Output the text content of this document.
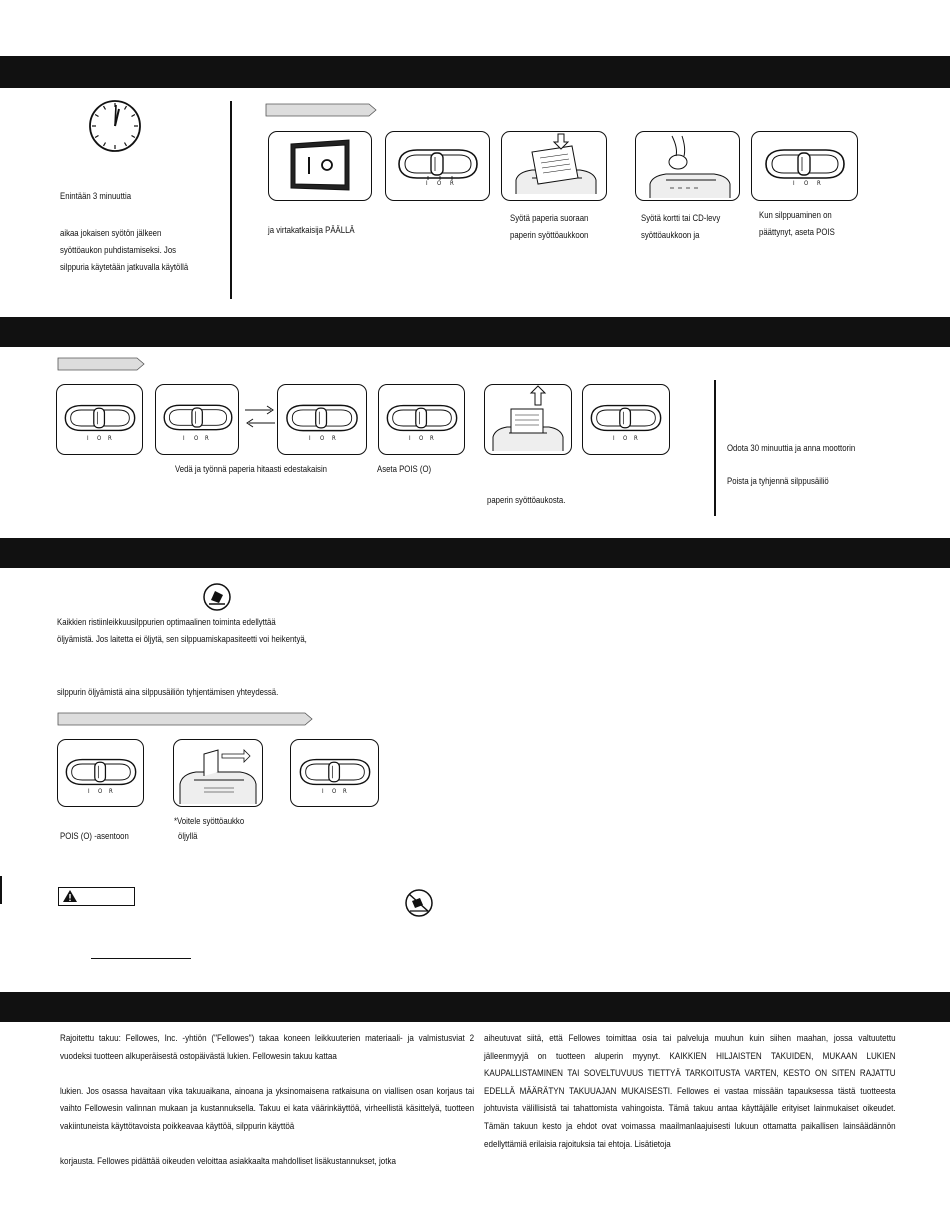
Enintään 3 minuuttia
aikaa jokaisen syötön jälkeen
syöttöaukon puhdistamiseksi. Jos
silppuria käytetään jatkuvalla käytöllä
ja virtakatkaisija PÄÄLLÄ
I O R
Syötä paperia suoraan
paperin syöttöaukkoon
Syötä kortti tai CD-levy
syöttöaukkoon ja
I O R
Kun silppuaminen on
päättynyt, aseta POIS
I O R	I O R	I O R	I O R	I O R
Vedä ja työnnä paperia hitaasti edestakaisin	Aseta POIS (O)
paperin syöttöaukosta.
Odota 30 minuuttia ja anna moottorin
Poista ja tyhjennä silppusäiliö
Kaikkien ristiinleikkuusilppurien optimaalinen toiminta edellyttää
öljyämistä. Jos laitetta ei öljytä, sen silppuamiskapasiteetti voi heikentyä,
silppurin öljyämistä aina silppusäiliön tyhjentämisen yhteydessä.
I O R	I O R
POIS (O) -asentoon
*Voitele syöttöaukko
öljyllä

Rajoitettu takuu: Fellowes, Inc. -yhtiön ("Fellowes") takaa koneen leikkuuterien materiaali- ja valmistusviat 2 vuodeksi tuotteen alkuperäisestä ostopäivästä lukien. Fellowesin takuu kattaa

lukien. Jos osassa havaitaan vika takuuaikana, ainoana ja yksinomaisena ratkaisuna on viallisen osan korjaus tai vaihto Fellowesin valinnan mukaan ja kustannuksella. Takuu ei kata väärinkäyttöä, virheellistä käsittelyä, tuotteen vakiintuneista käyttötavoista poikkeavaa käyttöä, silppurin käyttöä

korjausta. Fellowes pidättää oikeuden veloittaa asiakkaalta mahdolliset lisäkustannukset, jotka

aiheutuvat siitä, että Fellowes toimittaa osia tai palveluja muuhun kuin siihen maahan, jossa valtuutettu jälleenmyyjä on tuotteen aluperin myynyt. KAIKKIEN HILJAISTEN TAKUIDEN, MUKAAN LUKIEN KAUPALLISTAMINEN TAI SOVELTUVUUS TIETTYÄ TARKOITUSTA VARTEN, KESTO ON SITEN RAJATTU EDELLÄ MÄÄRÄTYN TAKUUAJAN MUKAISESTI. Fellowes ei vastaa missään tapauksessa tästä tuotteesta johtuvista välillisistä tai tahattomista vahingoista. Tämä takuu antaa käyttäjälle erityiset lainmukaiset oikeudet. Tämän takuun kesto ja ehdot ovat voimassa maailmanlaajuisesti lukuun ottamatta paikallisen lainsäädännön edellyttämiä erilaisia rajoituksia tai ehtoja. Lisätietoja
